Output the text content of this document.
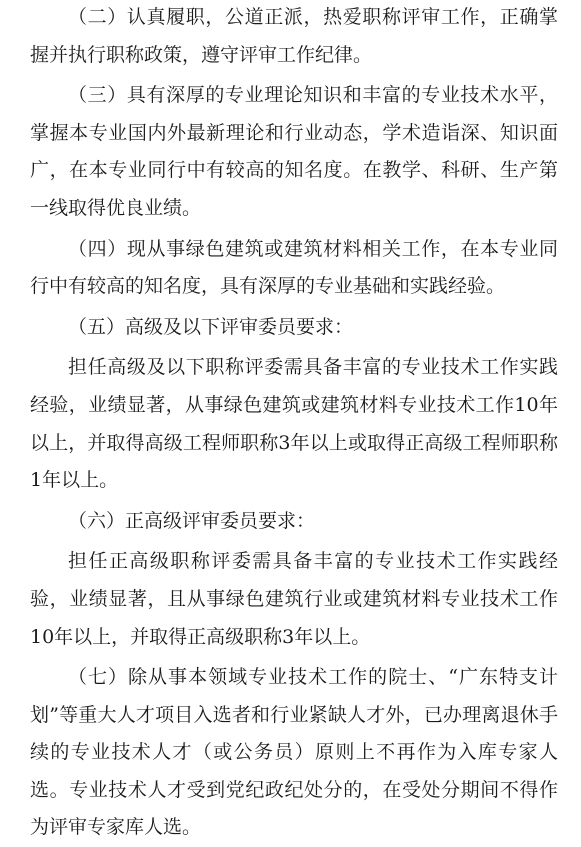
（二）认真履职，公道正派，热爱职称评审工作，正确掌握并执行职称政策，遵守评审工作纪律。

（三）具有深厚的专业理论知识和丰富的专业技术水平，掌握本专业国内外最新理论和行业动态，学术造诣深、知识面广，在本专业同行中有较高的知名度。在教学、科研、生产第一线取得优良业绩。

（四）现从事绿色建筑或建筑材料相关工作，在本专业同行中有较高的知名度，具有深厚的专业基础和实践经验。

（五）高级及以下评审委员要求：

担任高级及以下职称评委需具备丰富的专业技术工作实践经验，业绩显著，从事绿色建筑或建筑材料专业技术工作10年以上，并取得高级工程师职称3年以上或取得正高级工程师职称1年以上。

（六）正高级评审委员要求：

担任正高级职称评委需具备丰富的专业技术工作实践经验，业绩显著，且从事绿色建筑行业或建筑材料专业技术工作10年以上，并取得正高级职称3年以上。

（七）除从事本领域专业技术工作的院士、“广东特支计划”等重大人才项目入选者和行业紧缺人才外，已办理离退休手续的专业技术人才（或公务员）原则上不再作为入库专家人选。专业技术人才受到党纪政纪处分的，在受处分期间不得作为评审专家库人选。
